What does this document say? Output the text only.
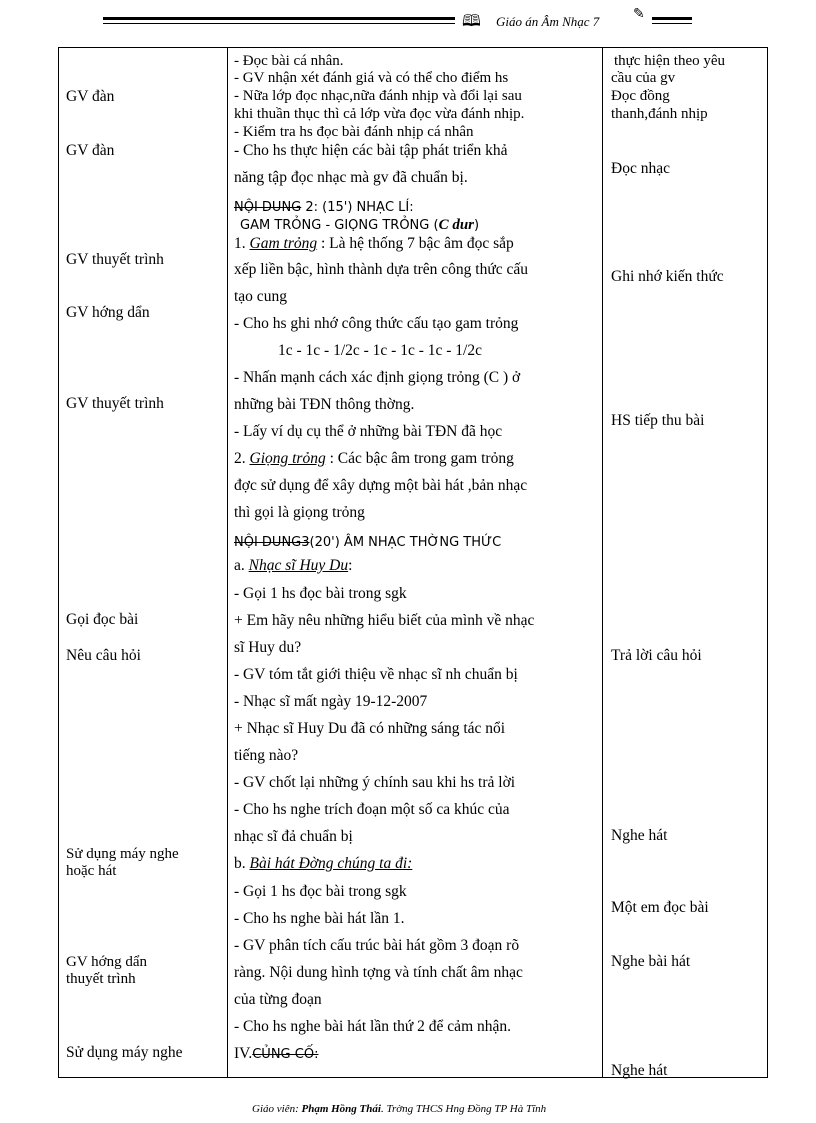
🕮 Giáo án Âm Nhạc 7 ✎
GV đàn
GV đàn
GV thuyết trình
GV hớng dẩn
GV thuyết trình
Gọi đọc bài
Nêu câu hỏi
Sử dụng máy nghe
hoặc hát
GV hớng dẩn
thuyết trình
Sử dụng máy nghe
- Đọc bài cá nhân.
- GV nhận xét đánh giá và có thể cho điểm hs
- Nữa lớp đọc nhạc,nữa đánh nhịp và đổi lại sau
khi thuần thục thì cả lớp vừa đọc vừa đánh nhịp.
- Kiểm tra hs đọc bài đánh nhịp cá nhân
- Cho hs thực hiện các bài tập phát triển khả
năng tập đọc nhạc mà gv đã chuẩn bị.
NỘI DUNG 2: (15') NHẠC LÍ:
GAM TRỎNG - GIỌNG TRỎNG (C dur)
1. Gam trỏng : Là hệ thống 7 bậc âm đọc sắp
xếp liền bậc, hình thành dựa trên công thức cấu
tạo cung
- Cho hs ghi nhớ công thức cấu tạo gam trỏng
1c - 1c - 1/2c - 1c - 1c - 1c - 1/2c
- Nhấn mạnh cách xác định giọng trỏng (C ) ở
những bài TĐN thông thờng.
- Lấy ví dụ cụ thể ở những bài TĐN đã học
2. Giọng trỏng : Các bậc âm trong gam trỏng
đợc sử dụng để xây dựng một bài hát ,bản nhạc
thì gọi là giọng trỏng
NỘI DUNG3(20') ÂM NHẠC THỜNG THỨC
a. Nhạc sĩ Huy Du:
- Gọi 1 hs đọc bài trong sgk
+ Em hãy nêu những hiểu biết của mình về nhạc
sĩ Huy du?
- GV tóm tắt giới thiệu về nhạc sĩ nh chuẩn bị
- Nhạc sĩ mất ngày 19-12-2007
+ Nhạc sĩ Huy Du đã có những sáng tác nổi
tiếng nào?
- GV chốt lại những ý chính sau khi hs trả lời
- Cho hs nghe trích đoạn một số ca khúc của
nhạc sĩ đả chuẩn bị
b. Bài hát Đờng chúng ta đi:
- Gọi 1 hs đọc bài trong sgk
- Cho hs nghe bài hát lần 1.
- GV phân tích cấu trúc bài hát gồm 3 đoạn rõ
ràng. Nội dung hình tợng và tính chất âm nhạc
của từng đoạn
- Cho hs nghe bài hát lần thứ 2 để cảm nhận.
IV.CỦNG CỐ:
thực hiện theo yêu
cầu của gv
Đọc đồng
thanh,đánh nhịp
Đọc nhạc
Ghi nhớ kiến thức
HS tiếp thu bài
Trả lời câu hỏi
Nghe hát
Một em đọc bài
Nghe bài hát
Nghe hát
Giáo viên: Phạm Hồng Thái. Trờng THCS Hng Đồng TP Hà Tĩnh
